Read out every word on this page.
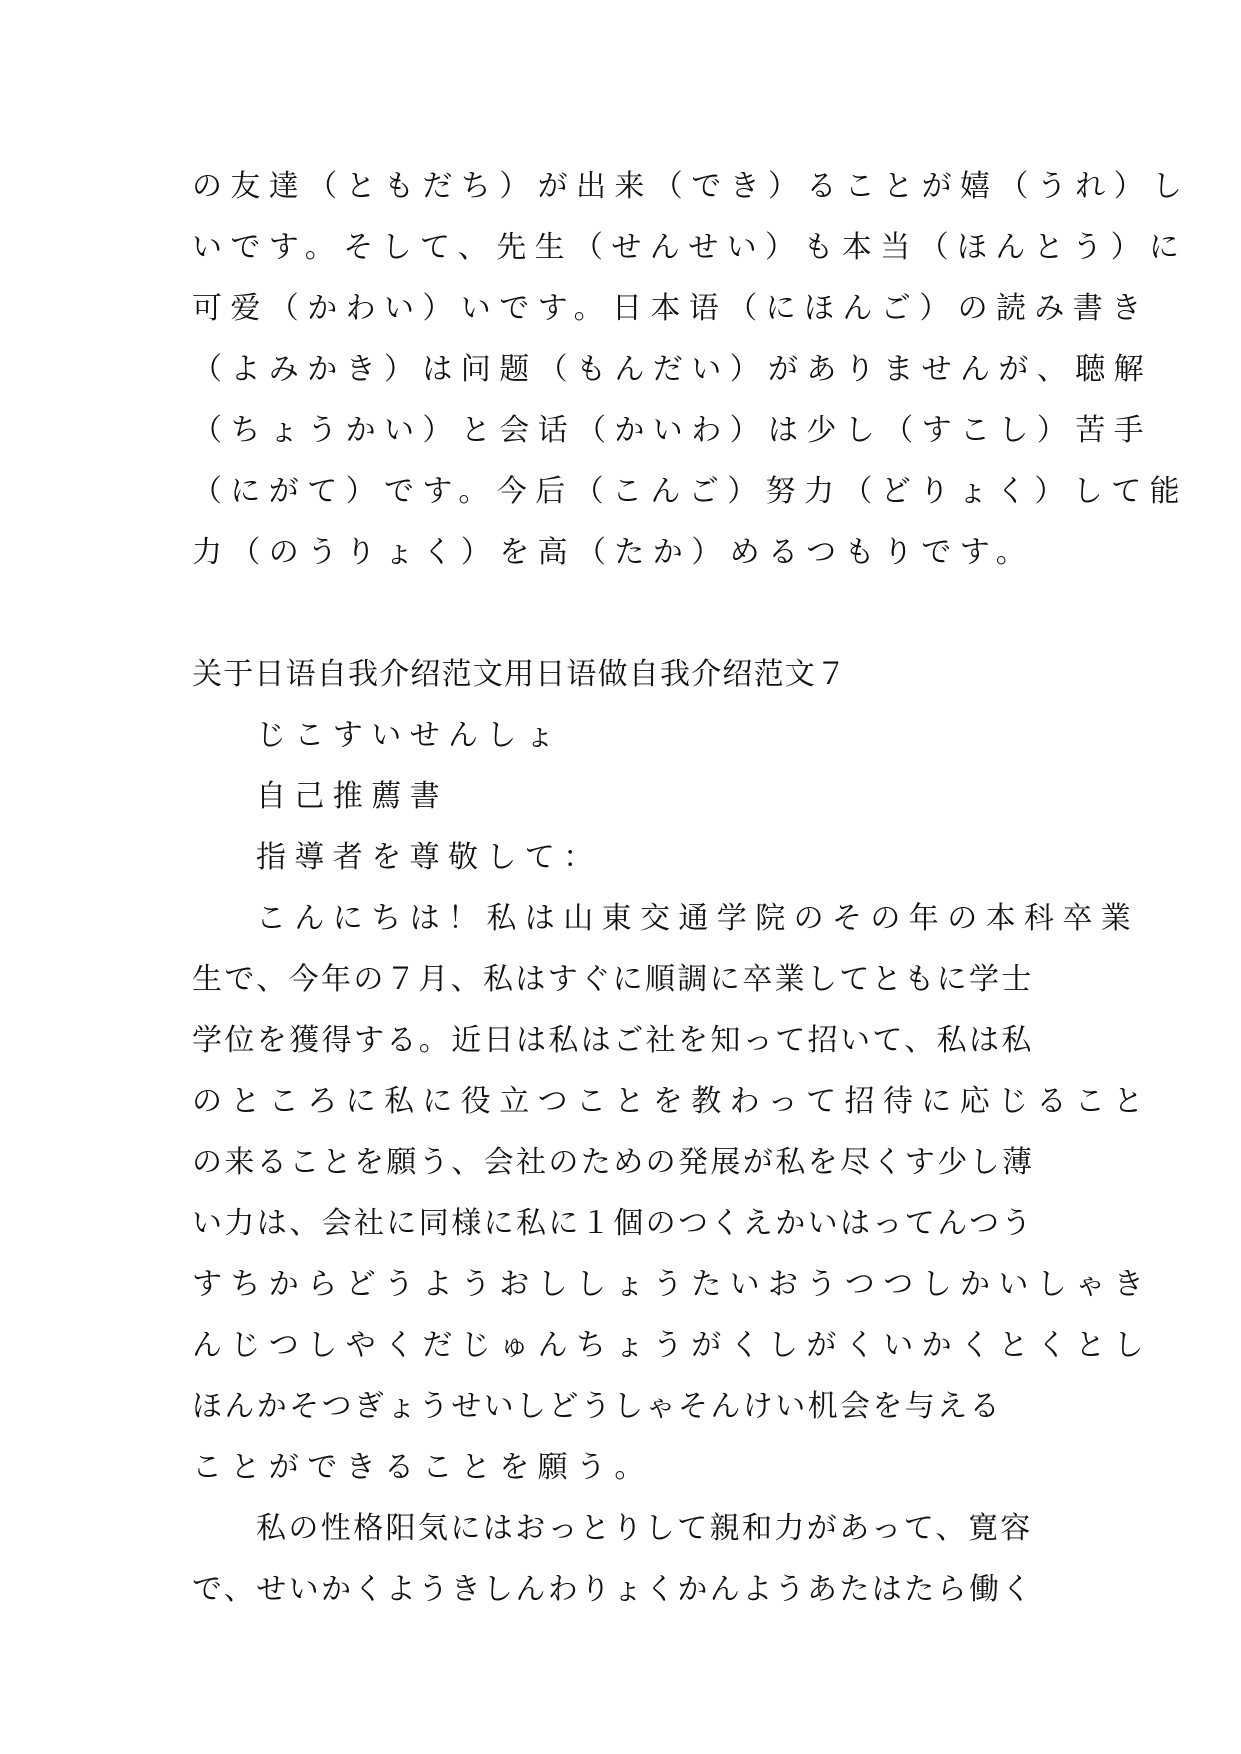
の友達（ともだち）が出来（でき）ることが嬉（うれ）し
いです。そして、先生（せんせい）も本当（ほんとう）に
可爱（かわい）いです。日本语（にほんご）の読み書き
（よみかき）は问题（もんだい）がありませんが、聴解
（ちょうかい）と会话（かいわ）は少し（すこし）苦手
（にがて）です。今后（こんご）努力（どりょく）して能
力（のうりょく）を高（たか）めるつもりです。
关于日语自我介绍范文用日语做自我介绍范文７
じこすいせんしょ
自己推薦書
指導者を尊敬して：
こんにちは！私は山東交通学院のその年の本科卒業
生で、今年の７月、私はすぐに順調に卒業してともに学士
学位を獲得する。近日は私はご社を知って招いて、私は私
のところに私に役立つことを教わって招待に応じること
の来ることを願う、会社のための発展が私を尽くす少し薄
い力は、会社に同様に私に１個のつくえかいはってんつう
すちからどうようおししょうたいおうつつしかいしゃき
んじつしやくだじゅんちょうがくしがくいかくとくとし
ほんかそつぎょうせいしどうしゃそんけい机会を与える
ことができることを願う。
私の性格阳気にはおっとりして親和力があって、寛容
で、せいかくようきしんわりょくかんようあたはたら働く
